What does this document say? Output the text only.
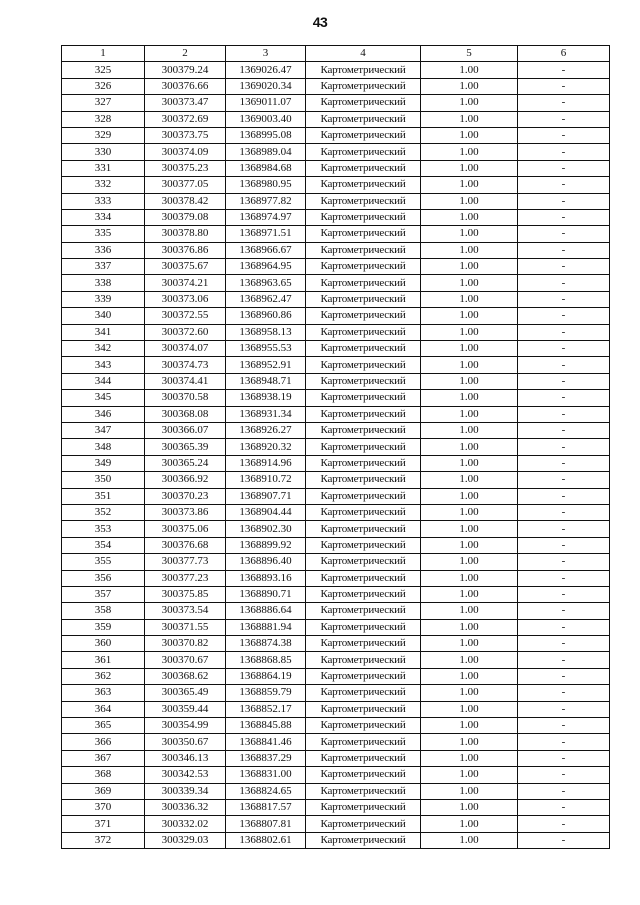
43
1	2	3	4	5	6
325	300379.24	1369026.47	Картометрический	1.00	-
326	300376.66	1369020.34	Картометрический	1.00	-
327	300373.47	1369011.07	Картометрический	1.00	-
328	300372.69	1369003.40	Картометрический	1.00	-
329	300373.75	1368995.08	Картометрический	1.00	-
330	300374.09	1368989.04	Картометрический	1.00	-
331	300375.23	1368984.68	Картометрический	1.00	-
332	300377.05	1368980.95	Картометрический	1.00	-
333	300378.42	1368977.82	Картометрический	1.00	-
334	300379.08	1368974.97	Картометрический	1.00	-
335	300378.80	1368971.51	Картометрический	1.00	-
336	300376.86	1368966.67	Картометрический	1.00	-
337	300375.67	1368964.95	Картометрический	1.00	-
338	300374.21	1368963.65	Картометрический	1.00	-
339	300373.06	1368962.47	Картометрический	1.00	-
340	300372.55	1368960.86	Картометрический	1.00	-
341	300372.60	1368958.13	Картометрический	1.00	-
342	300374.07	1368955.53	Картометрический	1.00	-
343	300374.73	1368952.91	Картометрический	1.00	-
344	300374.41	1368948.71	Картометрический	1.00	-
345	300370.58	1368938.19	Картометрический	1.00	-
346	300368.08	1368931.34	Картометрический	1.00	-
347	300366.07	1368926.27	Картометрический	1.00	-
348	300365.39	1368920.32	Картометрический	1.00	-
349	300365.24	1368914.96	Картометрический	1.00	-
350	300366.92	1368910.72	Картометрический	1.00	-
351	300370.23	1368907.71	Картометрический	1.00	-
352	300373.86	1368904.44	Картометрический	1.00	-
353	300375.06	1368902.30	Картометрический	1.00	-
354	300376.68	1368899.92	Картометрический	1.00	-
355	300377.73	1368896.40	Картометрический	1.00	-
356	300377.23	1368893.16	Картометрический	1.00	-
357	300375.85	1368890.71	Картометрический	1.00	-
358	300373.54	1368886.64	Картометрический	1.00	-
359	300371.55	1368881.94	Картометрический	1.00	-
360	300370.82	1368874.38	Картометрический	1.00	-
361	300370.67	1368868.85	Картометрический	1.00	-
362	300368.62	1368864.19	Картометрический	1.00	-
363	300365.49	1368859.79	Картометрический	1.00	-
364	300359.44	1368852.17	Картометрический	1.00	-
365	300354.99	1368845.88	Картометрический	1.00	-
366	300350.67	1368841.46	Картометрический	1.00	-
367	300346.13	1368837.29	Картометрический	1.00	-
368	300342.53	1368831.00	Картометрический	1.00	-
369	300339.34	1368824.65	Картометрический	1.00	-
370	300336.32	1368817.57	Картометрический	1.00	-
371	300332.02	1368807.81	Картометрический	1.00	-
372	300329.03	1368802.61	Картометрический	1.00	-
